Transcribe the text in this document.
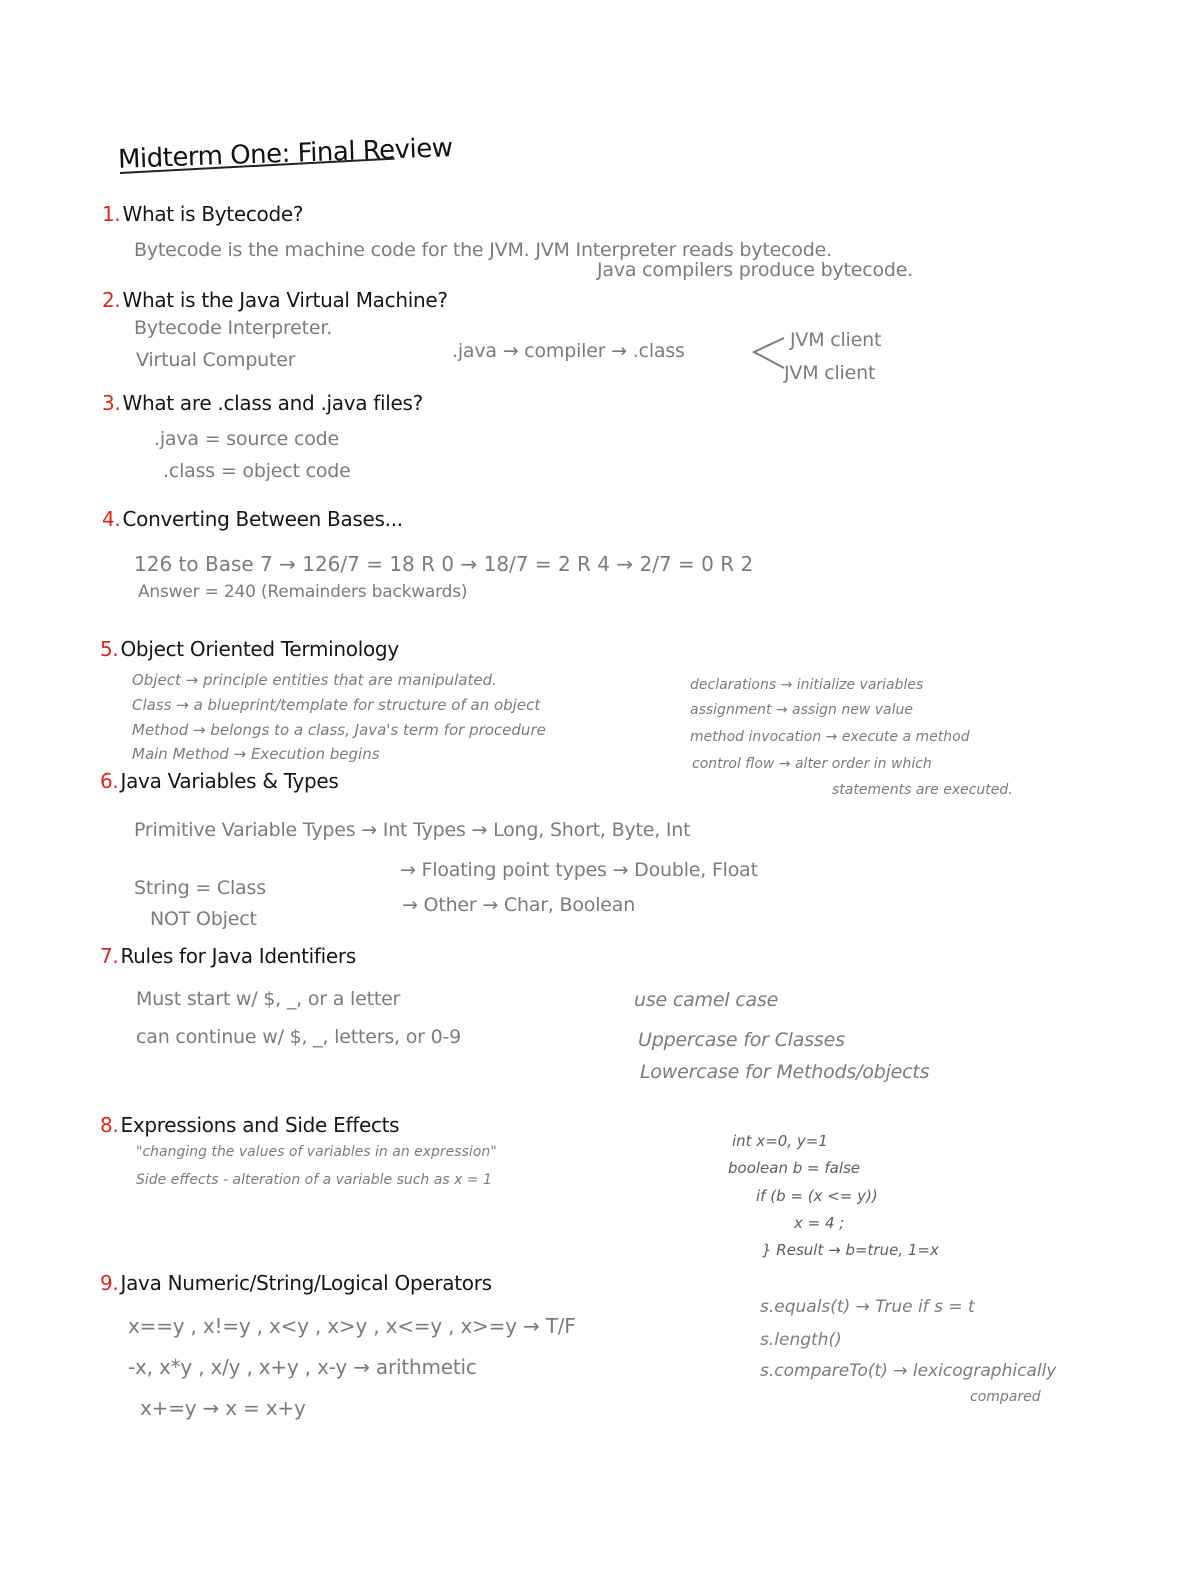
Midterm One: Final Review
1. What is Bytecode?
Bytecode is the machine code for the JVM. JVM Interpreter reads bytecode.
Java compilers produce bytecode.
2. What is the Java Virtual Machine?
Bytecode Interpreter.
Virtual Computer	.java → compiler → .class	JVM client
JVM client
3. What are .class and .java files?
.java = source code
.class = object code
4. Converting Between Bases...
126 to Base 7 → 126/7 = 18 R 0 → 18/7 = 2 R 4 → 2/7 = 0 R 2
Answer = 240 (Remainders backwards)
5. Object Oriented Terminology
Object → principle entities that are manipulated.
Class → a blueprint/template for structure of an object
Method → belongs to a class, Java's term for procedure
Main Method → Execution begins
declarations → initialize variables
assignment → assign new value
method invocation → execute a method
control flow → alter order in which
statements are executed.
6. Java Variables & Types
Primitive Variable Types → Int Types → Long, Short, Byte, Int
→ Floating point types → Double, Float
→ Other → Char, Boolean
String = Class
NOT Object
7. Rules for Java Identifiers
Must start w/ $, _, or a letter
can continue w/ $, _, letters, or 0-9
use camel case
Uppercase for Classes
Lowercase for Methods/objects
8. Expressions and Side Effects
"changing the values of variables in an expression"
Side effects - alteration of a variable such as x = 1
int x=0, y=1
boolean b = false
if (b = (x <= y))
x = 4 ;
} Result → b=true, 1=x
9. Java Numeric/String/Logical Operators
x==y , x!=y , x<y , x>y , x<=y , x>=y → T/F
-x, x*y , x/y , x+y , x-y → arithmetic
x+=y → x = x+y
s.equals(t) → True if s = t
s.length()
s.compareTo(t) → lexicographically
compared
